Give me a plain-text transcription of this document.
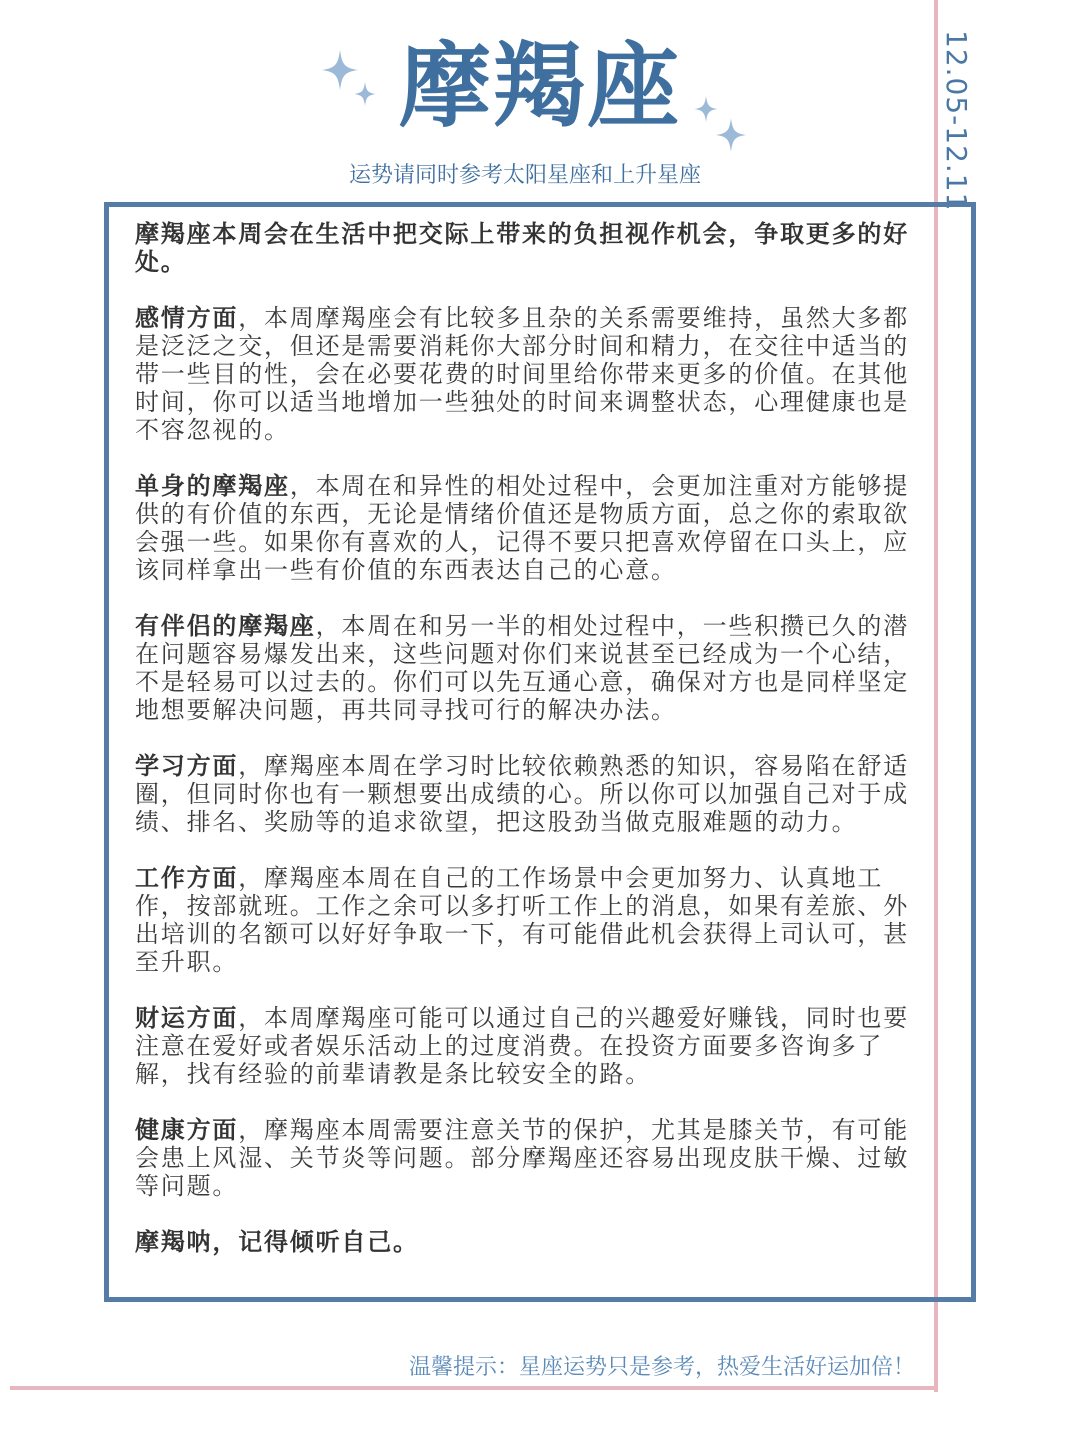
12.05-12.11
摩羯座
运势请同时参考太阳星座和上升星座

摩羯座本周会在生活中把交际上带来的负担视作机会，争取更多的好处。

感情方面，本周摩羯座会有比较多且杂的关系需要维持，虽然大多都是泛泛之交，但还是需要消耗你大部分时间和精力，在交往中适当的带一些目的性，会在必要花费的时间里给你带来更多的价值。在其他时间，你可以适当地增加一些独处的时间来调整状态，心理健康也是不容忽视的。

单身的摩羯座，本周在和异性的相处过程中，会更加注重对方能够提供的有价值的东西，无论是情绪价值还是物质方面，总之你的索取欲会强一些。如果你有喜欢的人，记得不要只把喜欢停留在口头上，应该同样拿出一些有价值的东西表达自己的心意。

有伴侣的摩羯座，本周在和另一半的相处过程中，一些积攒已久的潜在问题容易爆发出来，这些问题对你们来说甚至已经成为一个心结，不是轻易可以过去的。你们可以先互通心意，确保对方也是同样坚定地想要解决问题，再共同寻找可行的解决办法。

学习方面，摩羯座本周在学习时比较依赖熟悉的知识，容易陷在舒适圈，但同时你也有一颗想要出成绩的心。所以你可以加强自己对于成绩、排名、奖励等的追求欲望，把这股劲当做克服难题的动力。

工作方面，摩羯座本周在自己的工作场景中会更加努力、认真地工作，按部就班。工作之余可以多打听工作上的消息，如果有差旅、外出培训的名额可以好好争取一下，有可能借此机会获得上司认可，甚至升职。

财运方面，本周摩羯座可能可以通过自己的兴趣爱好赚钱，同时也要注意在爱好或者娱乐活动上的过度消费。在投资方面要多咨询多了解，找有经验的前辈请教是条比较安全的路。

健康方面，摩羯座本周需要注意关节的保护，尤其是膝关节，有可能会患上风湿、关节炎等问题。部分摩羯座还容易出现皮肤干燥、过敏等问题。

摩羯呐，记得倾听自己。

温馨提示：星座运势只是参考，热爱生活好运加倍！
